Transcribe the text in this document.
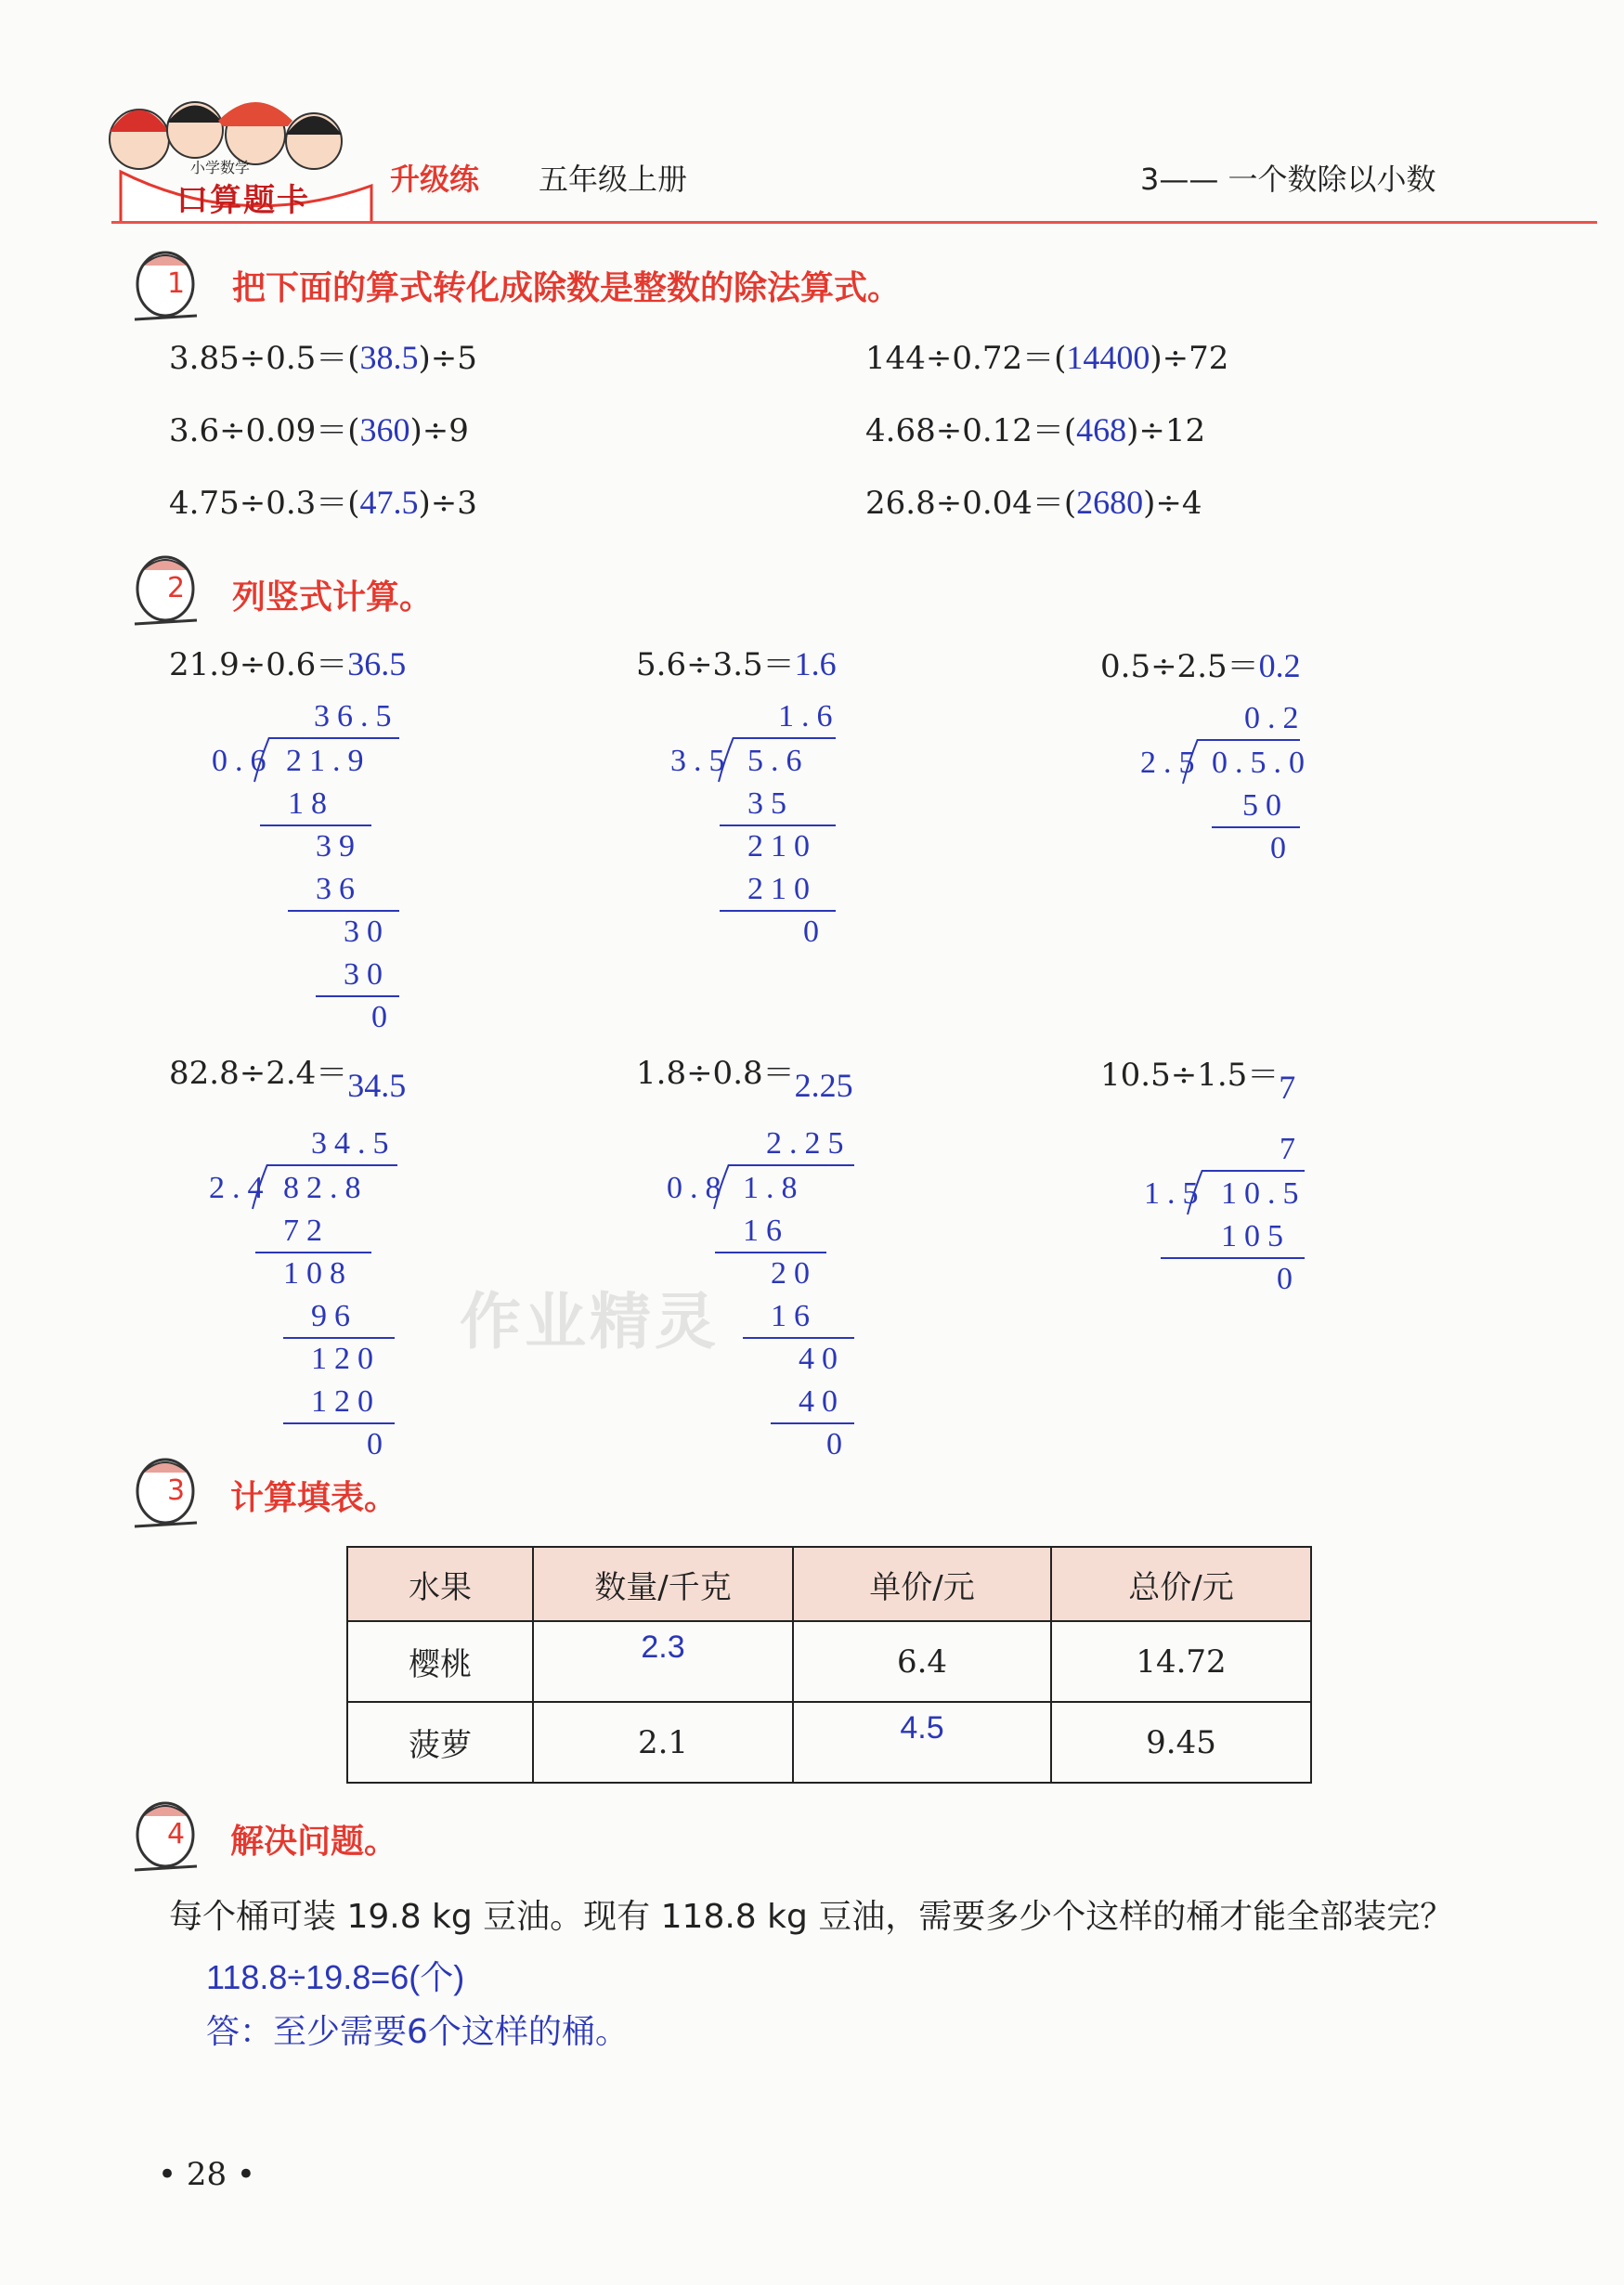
小学数学
口算题卡
升级练 五年级上册	3—— 一个数除以小数
1 把下面的算式转化成除数是整数的除法算式。
3.85÷0.5＝(38.5)÷5	144÷0.72＝(14400)÷72
3.6÷0.09＝(360)÷9	4.68÷0.12＝(468)÷12
4.75÷0.3＝(47.5)÷3	26.8÷0.04＝(2680)÷4
2 列竖式计算。
21.9÷0.6＝36.5	5.6÷3.5＝1.6	0.5÷2.5＝0.2
36.5
0.6 21.9
18
39
36
30
30
0
1.6
3.5 5.6
35
210
210
0
0.2
2.5 0.5.0
50
0
82.8÷2.4＝34.5	1.8÷0.8＝2.25	10.5÷1.5＝7
34.5
2.4 82.8
72
108
96
120
120
0
2.25
0.8 1.8
16
20
16
40
40
0
7
1.5 10.5
105
0
作业精灵
3 计算填表。
水果	数量/千克	单价/元	总价/元
樱桃	2.3	6.4	14.72
菠萝	2.1	4.5	9.45
4 解决问题。
每个桶可装 19.8 kg 豆油。现有 118.8 kg 豆油，需要多少个这样的桶才能全部装完？
118.8÷19.8=6(个)
答：至少需要6个这样的桶。
• 28 •
